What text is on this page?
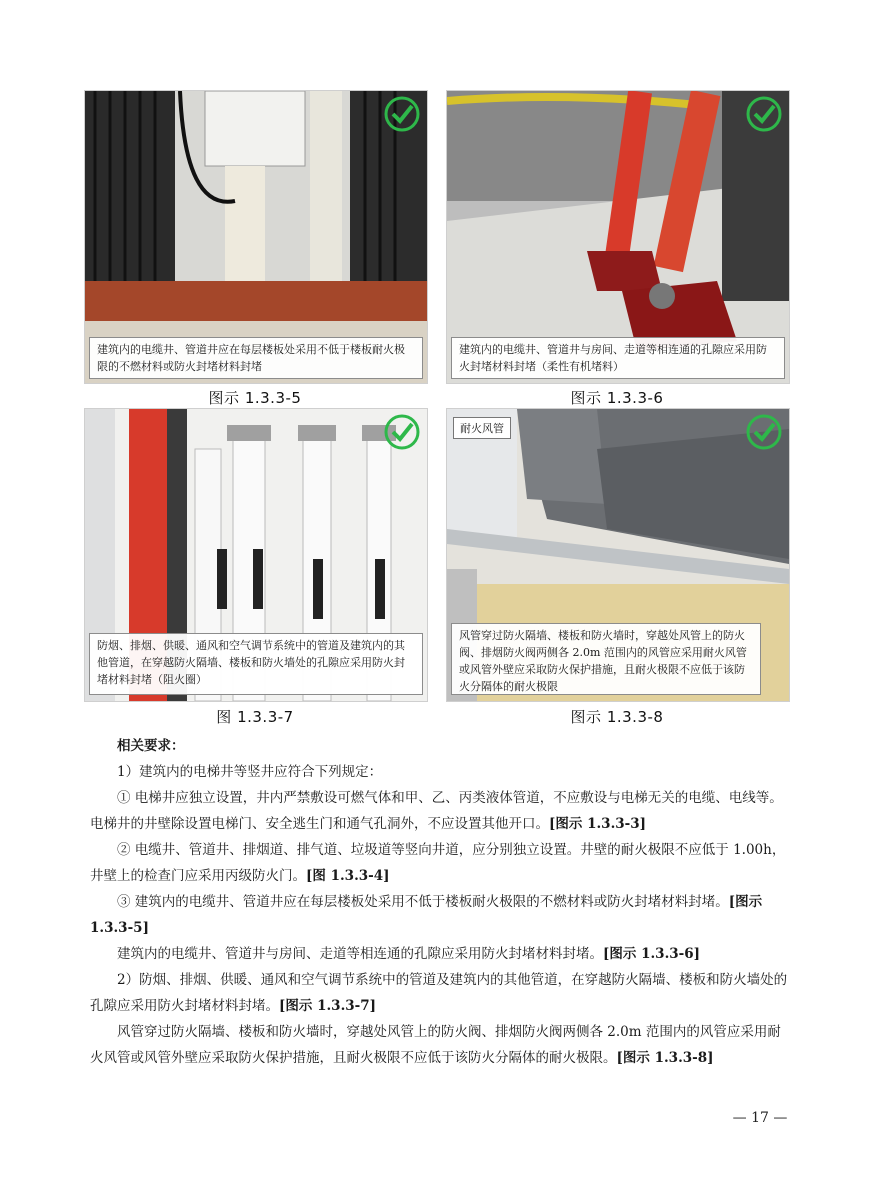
建筑内的电缆井、管道井应在每层楼板处采用不低于楼板耐火极限的不燃材料或防火封堵材料封堵
图示 1.3.3-5
建筑内的电缆井、管道井与房间、走道等相连通的孔隙应采用防火封堵材料封堵（柔性有机堵料）
图示 1.3.3-6
防烟、排烟、供暖、通风和空气调节系统中的管道及建筑内的其他管道，在穿越防火隔墙、楼板和防火墙处的孔隙应采用防火封堵材料封堵（阻火圈）
图 1.3.3-7
耐火风管
风管穿过防火隔墙、楼板和防火墙时，穿越处风管上的防火阀、排烟防火阀两侧各 2.0m 范围内的风管应采用耐火风管或风管外壁应采取防火保护措施，且耐火极限不应低于该防火分隔体的耐火极限
图示 1.3.3-8

相关要求：

1）建筑内的电梯井等竖井应符合下列规定：

① 电梯井应独立设置，井内严禁敷设可燃气体和甲、乙、丙类液体管道，不应敷设与电梯无关的电缆、电线等。电梯井的井壁除设置电梯门、安全逃生门和通气孔洞外，不应设置其他开口。[图示 1.3.3-3]

② 电缆井、管道井、排烟道、排气道、垃圾道等竖向井道，应分别独立设置。井壁的耐火极限不应低于 1.00h，井壁上的检查门应采用丙级防火门。[图 1.3.3-4]

③ 建筑内的电缆井、管道井应在每层楼板处采用不低于楼板耐火极限的不燃材料或防火封堵材料封堵。[图示 1.3.3-5]

建筑内的电缆井、管道井与房间、走道等相连通的孔隙应采用防火封堵材料封堵。[图示 1.3.3-6]

2）防烟、排烟、供暖、通风和空气调节系统中的管道及建筑内的其他管道，在穿越防火隔墙、楼板和防火墙处的孔隙应采用防火封堵材料封堵。[图示 1.3.3-7]

风管穿过防火隔墙、楼板和防火墙时，穿越处风管上的防火阀、排烟防火阀两侧各 2.0m 范围内的风管应采用耐火风管或风管外壁应采取防火保护措施，且耐火极限不应低于该防火分隔体的耐火极限。[图示 1.3.3-8]

— 17 —
